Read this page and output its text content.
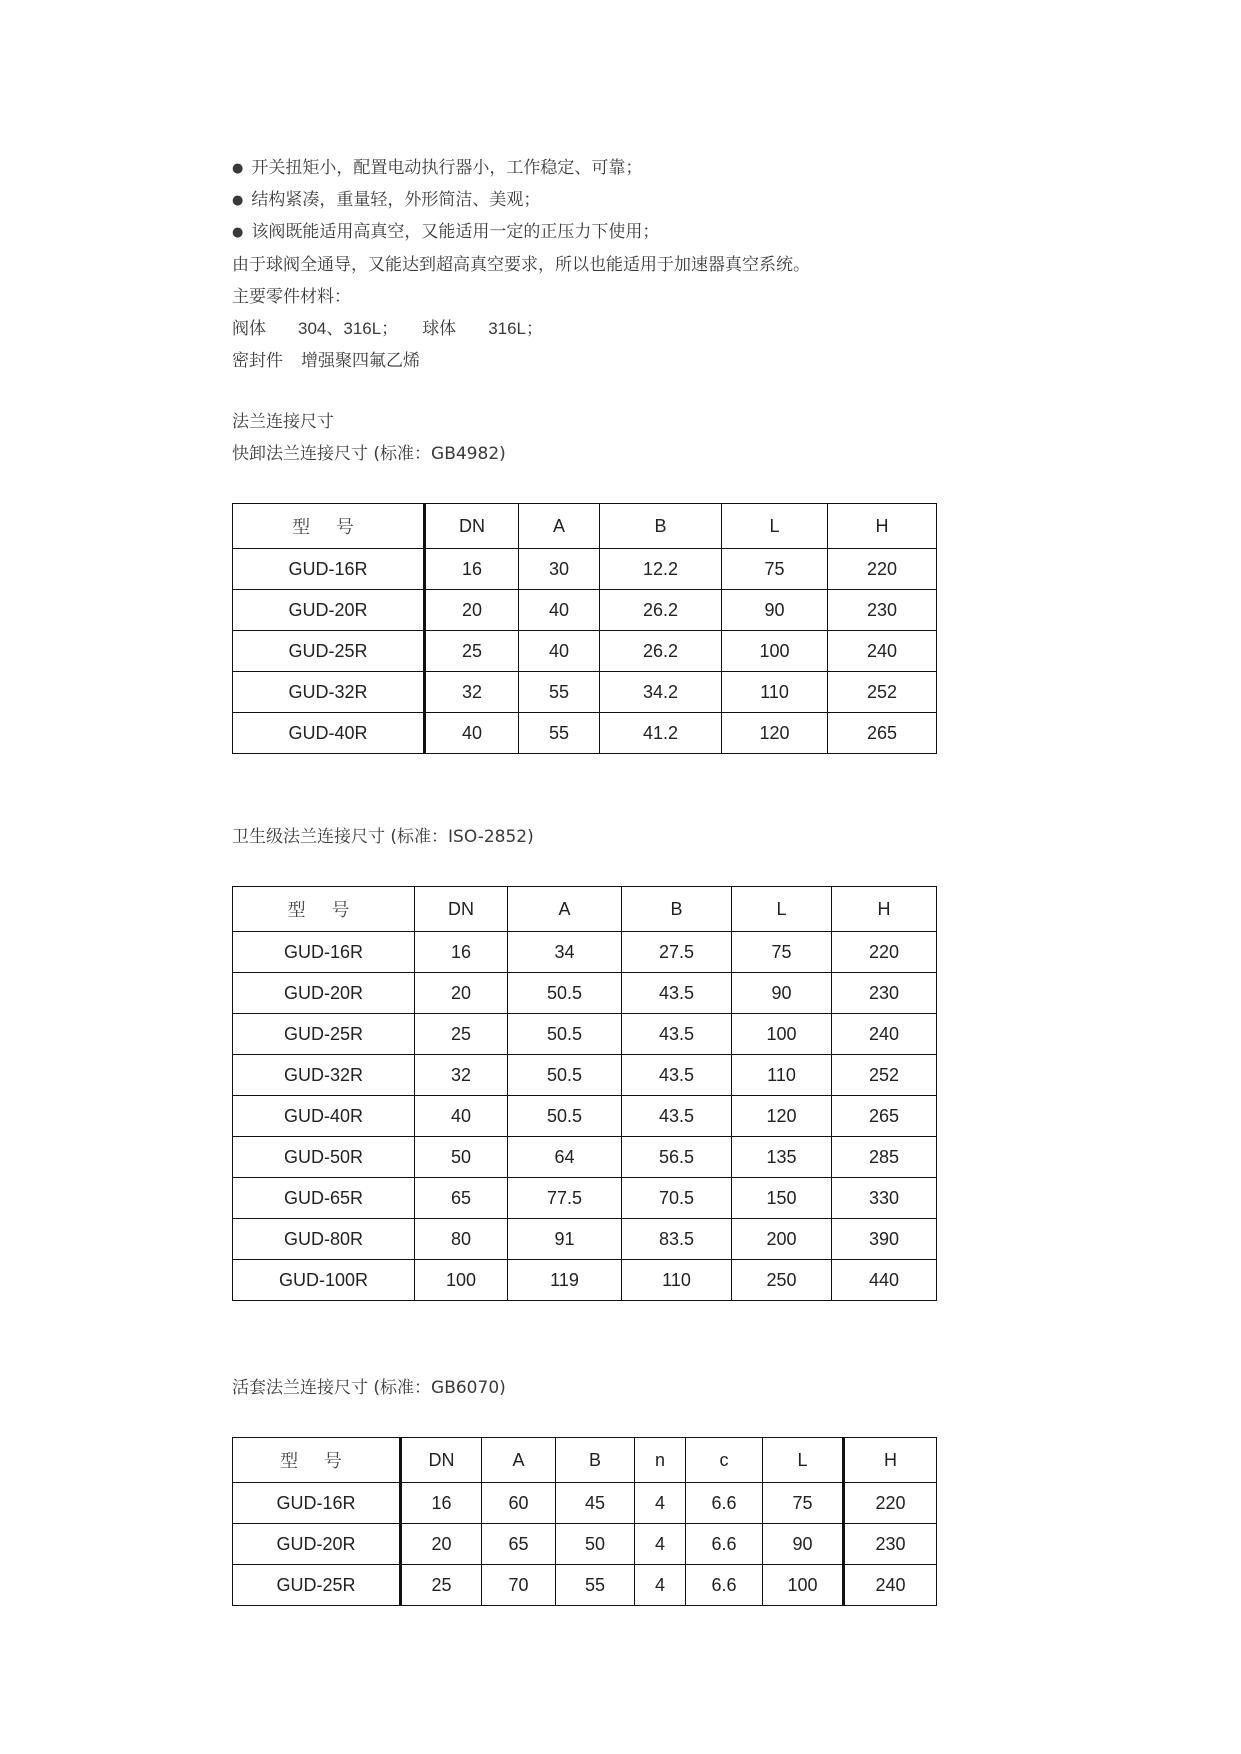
● 开关扭矩小，配置电动执行器小，工作稳定、可靠；
● 结构紧凑，重量轻，外形简洁、美观；
● 该阀既能适用高真空，又能适用一定的正压力下使用；
由于球阀全通导，又能达到超高真空要求，所以也能适用于加速器真空系统。
主要零件材料：
阀体 304、316L； 球体 316L；
密封件 增强聚四氟乙烯
法兰连接尺寸
快卸法兰连接尺寸 (标准：GB4982)
型 号	DN	A	B	L	H
GUD-16R	16	30	12.2	75	220
GUD-20R	20	40	26.2	90	230
GUD-25R	25	40	26.2	100	240
GUD-32R	32	55	34.2	110	252
GUD-40R	40	55	41.2	120	265
卫生级法兰连接尺寸 (标准：ISO-2852)
型 号	DN	A	B	L	H
GUD-16R	16	34	27.5	75	220
GUD-20R	20	50.5	43.5	90	230
GUD-25R	25	50.5	43.5	100	240
GUD-32R	32	50.5	43.5	110	252
GUD-40R	40	50.5	43.5	120	265
GUD-50R	50	64	56.5	135	285
GUD-65R	65	77.5	70.5	150	330
GUD-80R	80	91	83.5	200	390
GUD-100R	100	119	110	250	440
活套法兰连接尺寸 (标准：GB6070)
型 号	DN	A	B	n	c	L	H
GUD-16R	16	60	45	4	6.6	75	220
GUD-20R	20	65	50	4	6.6	90	230
GUD-25R	25	70	55	4	6.6	100	240
